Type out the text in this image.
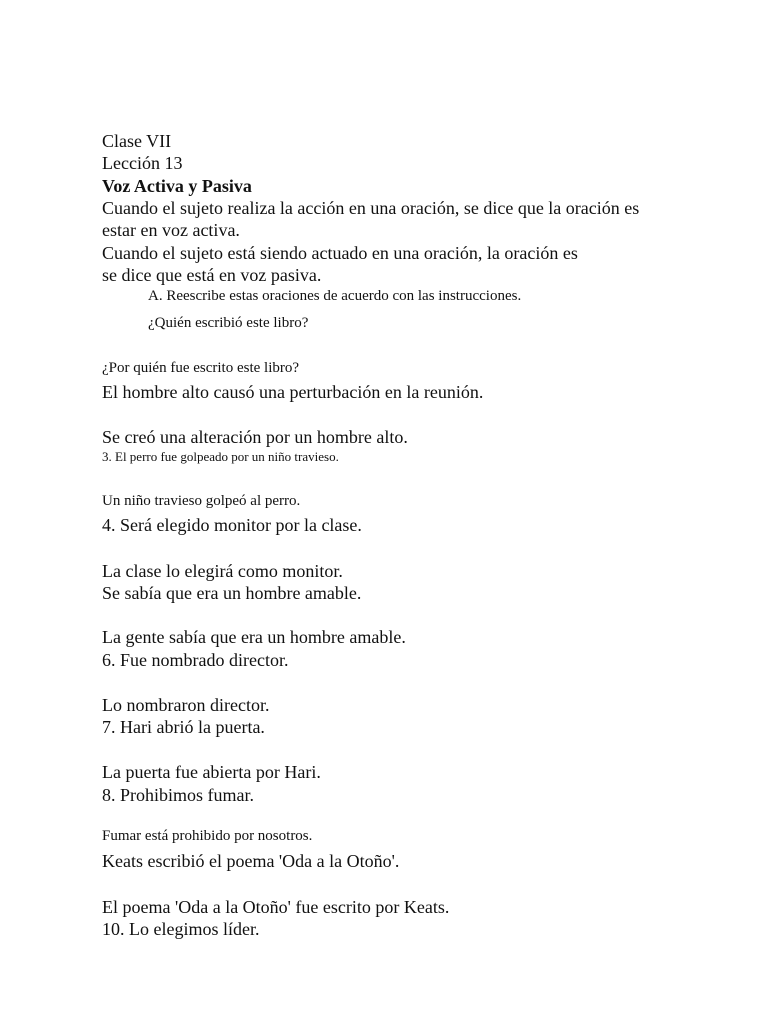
Clase VII
Lección 13
Voz Activa y Pasiva
Cuando el sujeto realiza la acción en una oración, se dice que la oración es
estar en voz activa.
Cuando el sujeto está siendo actuado en una oración, la oración es
se dice que está en voz pasiva.
A. Reescribe estas oraciones de acuerdo con las instrucciones.
¿Quién escribió este libro?
¿Por quién fue escrito este libro?
El hombre alto causó una perturbación en la reunión.
Se creó una alteración por un hombre alto.
3. El perro fue golpeado por un niño travieso.
Un niño travieso golpeó al perro.
4. Será elegido monitor por la clase.
La clase lo elegirá como monitor.
Se sabía que era un hombre amable.
La gente sabía que era un hombre amable.
6. Fue nombrado director.
Lo nombraron director.
7. Hari abrió la puerta.
La puerta fue abierta por Hari.
8. Prohibimos fumar.
Fumar está prohibido por nosotros.
Keats escribió el poema 'Oda a la Otoño'.
El poema 'Oda a la Otoño' fue escrito por Keats.
10. Lo elegimos líder.
